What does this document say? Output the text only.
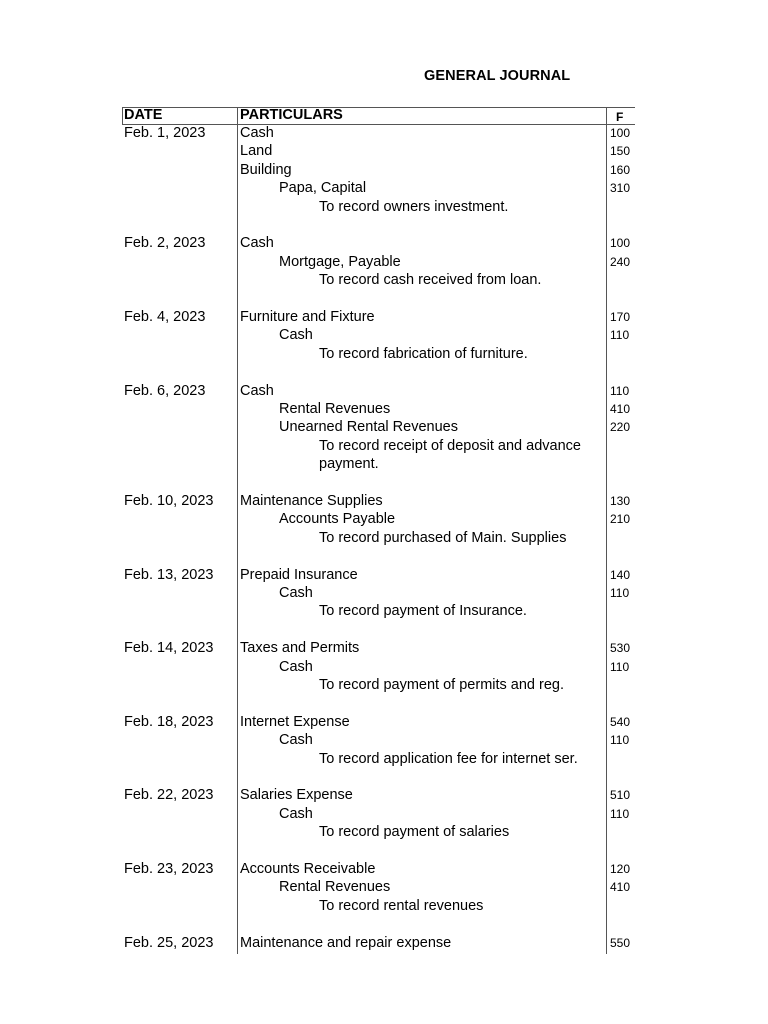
GENERAL JOURNAL
DATE	PARTICULARS	F
Feb. 1, 2023 Cash	100
Land	150
Building	160
Papa, Capital	310
To record owners investment.
Feb. 2, 2023 Cash	100
Mortgage, Payable	240
To record cash received from loan.
Feb. 4, 2023 Furniture and Fixture	170
Cash	110
To record fabrication of furniture.
Feb. 6, 2023 Cash	110
Rental Revenues	410
Unearned Rental Revenues	220
To record receipt of deposit and advance
payment.
Feb. 10, 2023 Maintenance Supplies	130
Accounts Payable	210
To record purchased of Main. Supplies
Feb. 13, 2023 Prepaid Insurance	140
Cash	110
To record payment of Insurance.
Feb. 14, 2023 Taxes and Permits	530
Cash	110
To record payment of permits and reg.
Feb. 18, 2023 Internet Expense	540
Cash	110
To record application fee for internet ser.
Feb. 22, 2023 Salaries Expense	510
Cash	110
To record payment of salaries
Feb. 23, 2023 Accounts Receivable	120
Rental Revenues	410
To record rental revenues
Feb. 25, 2023 Maintenance and repair expense	550
